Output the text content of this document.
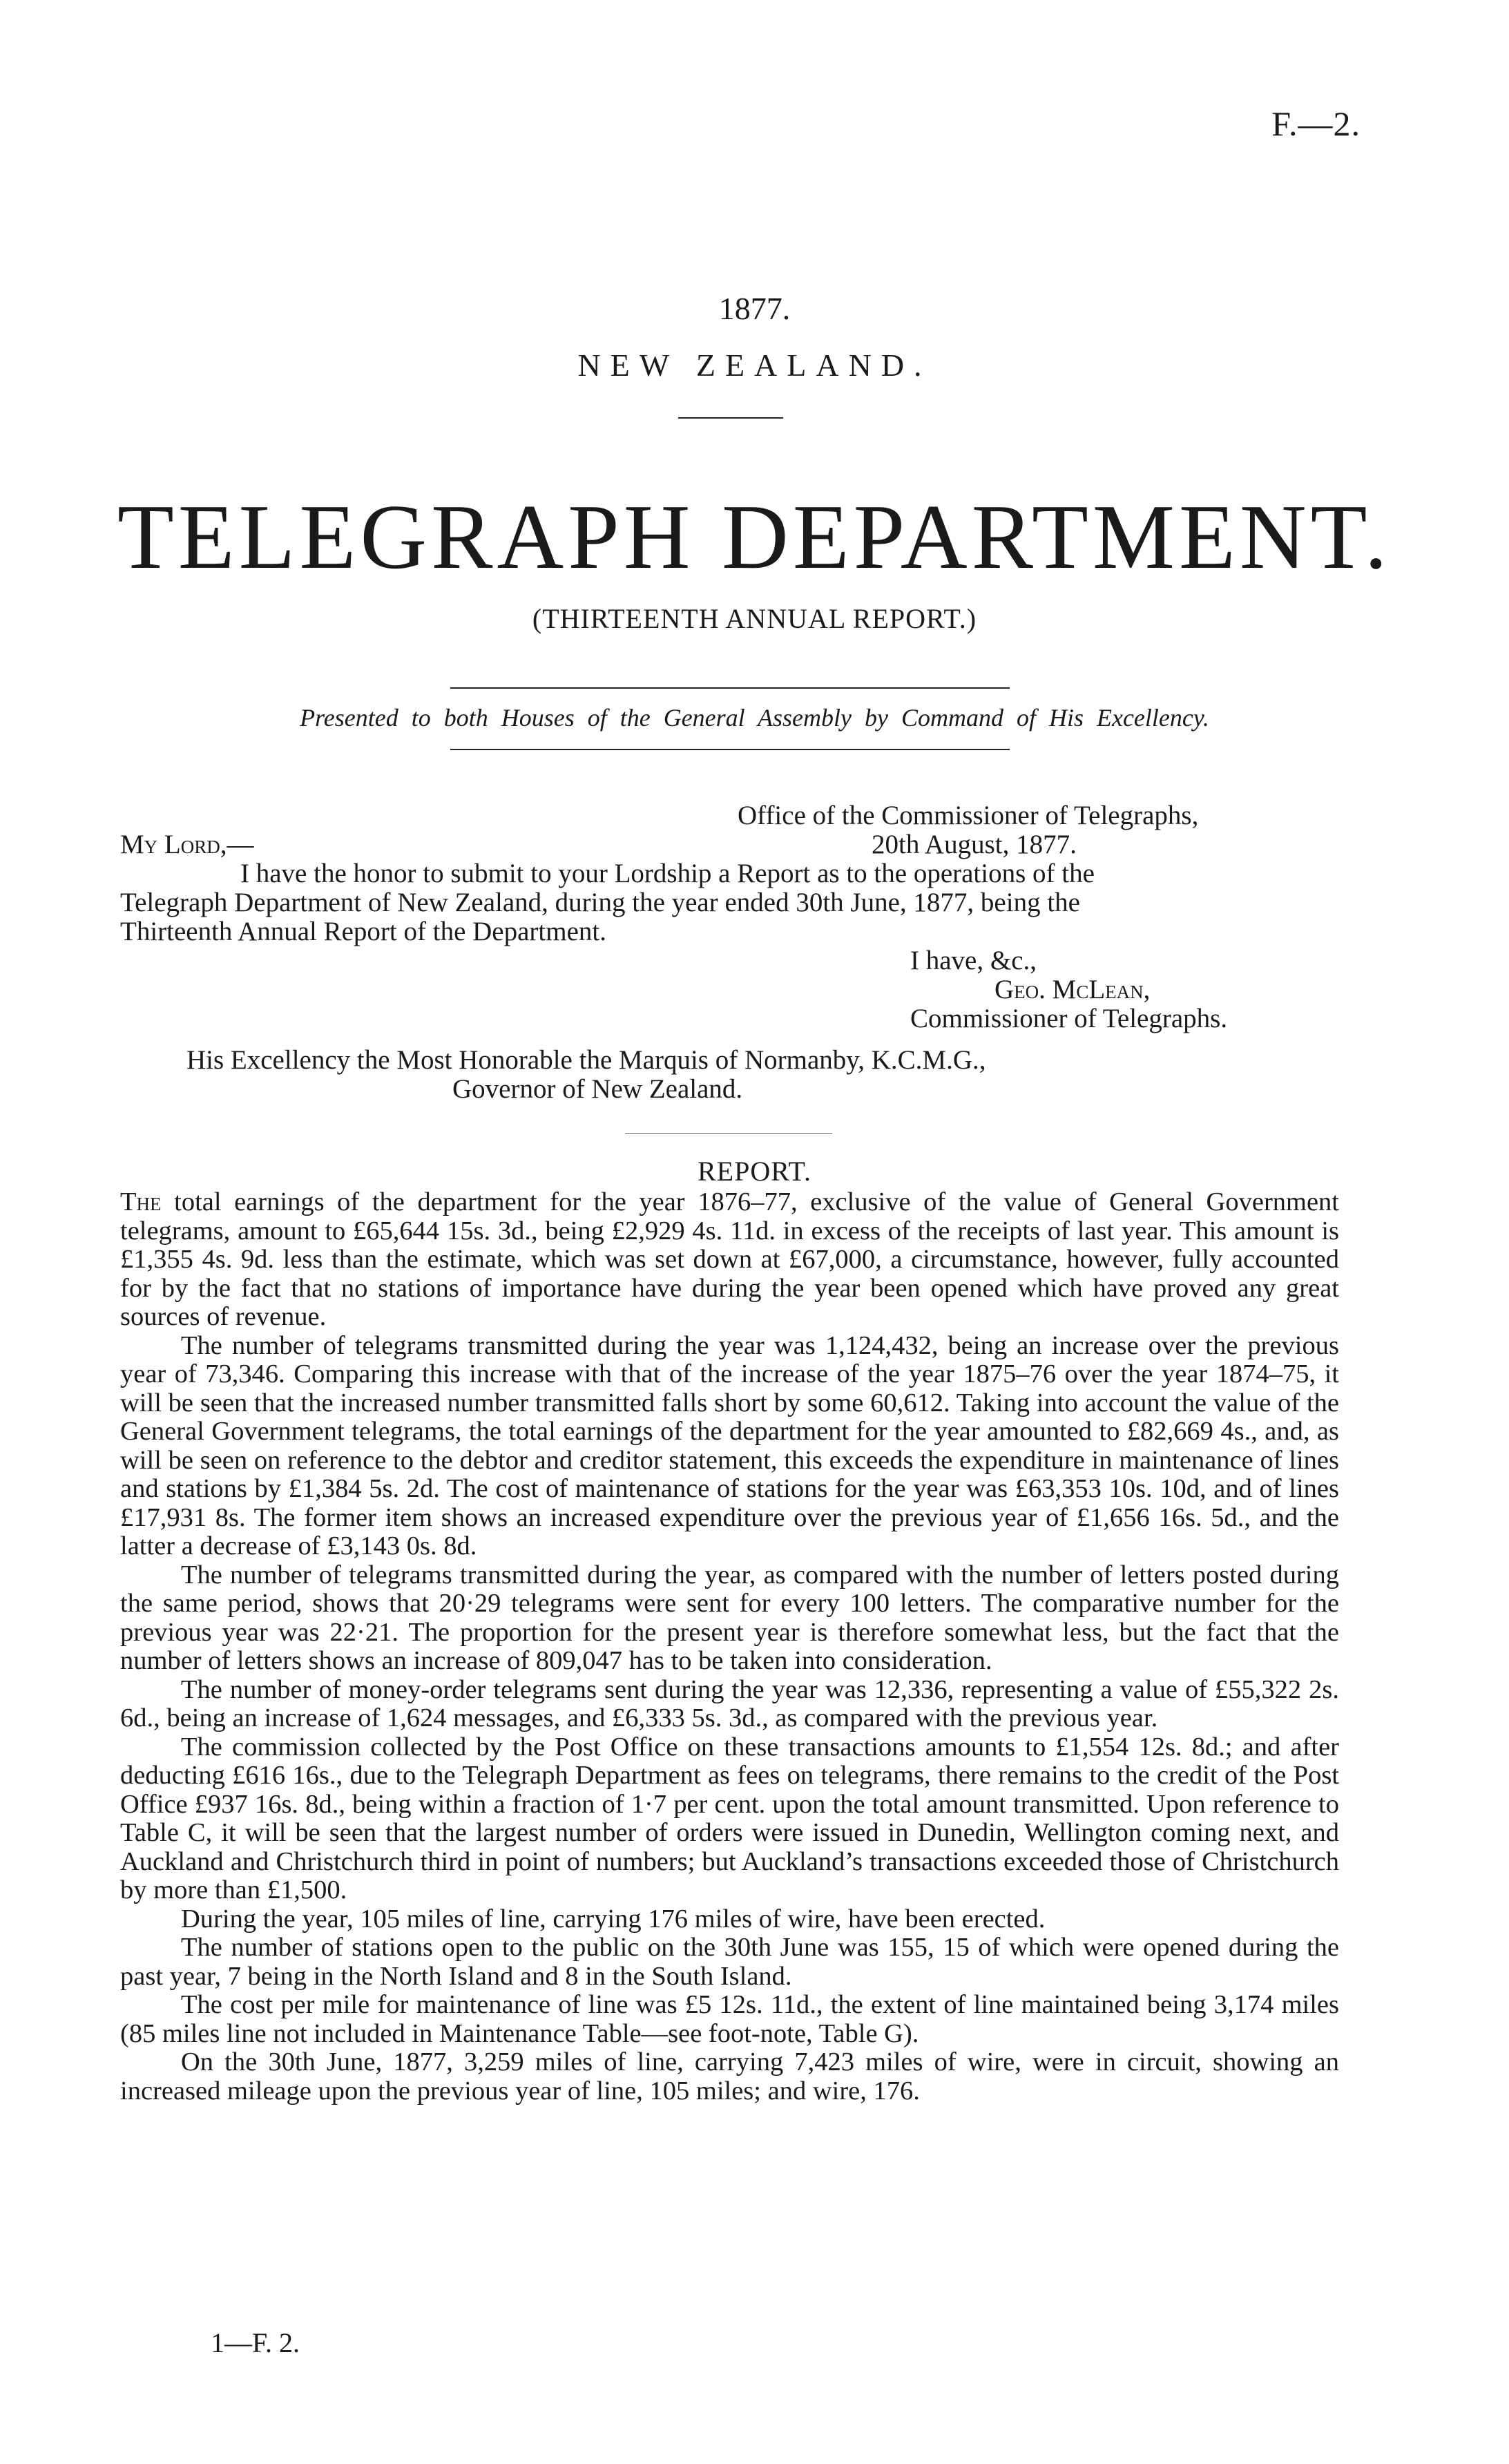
F.—2.
1877.
NEW ZEALAND.
TELEGRAPH DEPARTMENT.
(THIRTEENTH ANNUAL REPORT.)
Presented to both Houses of the General Assembly by Command of His Excellency.
Office of the Commissioner of Telegraphs,
My Lord,—	20th August, 1877.
I have the honor to submit to your Lordship a Report as to the operations of the
Telegraph Department of New Zealand, during the year ended 30th June, 1877, being the
Thirteenth Annual Report of the Department.
I have, &c.,
Geo. McLean,
Commissioner of Telegraphs.
His Excellency the Most Honorable the Marquis of Normanby, K.C.M.G.,
Governor of New Zealand.
REPORT.

The total earnings of the department for the year 1876–77, exclusive of the value of General Government telegrams, amount to £65,644 15s. 3d., being £2,929 4s. 11d. in excess of the receipts of last year. This amount is £1,355 4s. 9d. less than the estimate, which was set down at £67,000, a circumstance, however, fully accounted for by the fact that no stations of importance have during the year been opened which have proved any great sources of revenue.

The number of telegrams transmitted during the year was 1,124,432, being an increase over the previous year of 73,346. Comparing this increase with that of the increase of the year 1875–76 over the year 1874–75, it will be seen that the increased number transmitted falls short by some 60,612. Taking into account the value of the General Government telegrams, the total earnings of the department for the year amounted to £82,669 4s., and, as will be seen on reference to the debtor and creditor statement, this exceeds the expenditure in maintenance of lines and stations by £1,384 5s. 2d. The cost of maintenance of stations for the year was £63,353 10s. 10d, and of lines £17,931 8s. The former item shows an increased expenditure over the previous year of £1,656 16s. 5d., and the latter a decrease of £3,143 0s. 8d.

The number of telegrams transmitted during the year, as compared with the number of letters posted during the same period, shows that 20·29 telegrams were sent for every 100 letters. The comparative number for the previous year was 22·21. The proportion for the present year is therefore somewhat less, but the fact that the number of letters shows an increase of 809,047 has to be taken into consideration.

The number of money-order telegrams sent during the year was 12,336, representing a value of £55,322 2s. 6d., being an increase of 1,624 messages, and £6,333 5s. 3d., as compared with the previous year.

The commission collected by the Post Office on these transactions amounts to £1,554 12s. 8d.; and after deducting £616 16s., due to the Telegraph Department as fees on telegrams, there remains to the credit of the Post Office £937 16s. 8d., being within a fraction of 1·7 per cent. upon the total amount transmitted. Upon reference to Table C, it will be seen that the largest number of orders were issued in Dunedin, Wellington coming next, and Auckland and Christchurch third in point of numbers; but Auckland’s transactions exceeded those of Christchurch by more than £1,500.

During the year, 105 miles of line, carrying 176 miles of wire, have been erected.

The number of stations open to the public on the 30th June was 155, 15 of which were opened during the past year, 7 being in the North Island and 8 in the South Island.

The cost per mile for maintenance of line was £5 12s. 11d., the extent of line maintained being 3,174 miles (85 miles line not included in Maintenance Table—see foot-note, Table G).

On the 30th June, 1877, 3,259 miles of line, carrying 7,423 miles of wire, were in circuit, showing an increased mileage upon the previous year of line, 105 miles; and wire, 176.

1—F. 2.
